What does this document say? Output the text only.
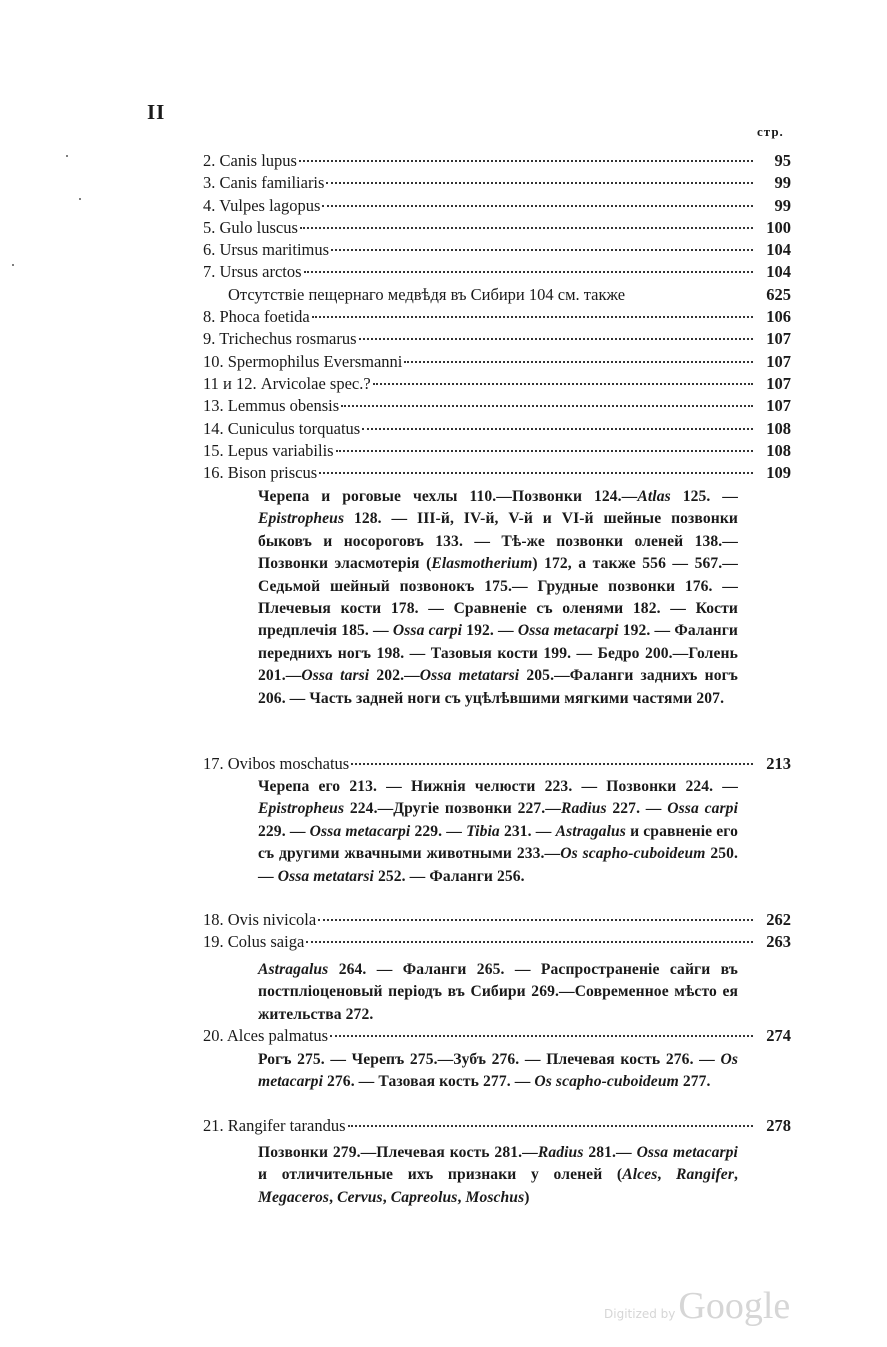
II
стр.
2. Canis lupus	95
3. Canis familiaris	99
4. Vulpes lagopus	99
5. Gulo luscus	100
6. Ursus maritimus	104
7. Ursus arctos	104
Отсутствіе пещернаго медвѣдя въ Сибири 104 см. также	625
8. Phoca foetida	106
9. Trichechus rosmarus	107
10. Spermophilus Eversmanni	107
11 и 12. Arvicolae spec.?	107
13. Lemmus obensis	107
14. Cuniculus torquatus	108
15. Lepus variabilis	108
16. Bison priscus	109
Черепа и роговые чехлы 110.—Позвонки 124.—Atlas 125. — Epistropheus 128. — III-й, IV-й, V-й и VI-й шейные позвонки быковъ и носороговъ 133. — Тѣ-же позвонки оленей 138.—Позвонки эласмотерія (Elasmotherium) 172, а также 556 — 567.—Седьмой шейный позвонокъ 175.— Грудные позвонки 176. — Плечевыя кости 178. — Сравненіе съ оленями 182. — Кости предплечія 185. — Ossa carpi 192. — Ossa metacarpi 192. — Фаланги переднихъ ногъ 198. — Тазовыя кости 199. — Бедро 200.—Голень 201.—Ossa tarsi 202.—Ossa metatarsi 205.—Фаланги заднихъ ногъ 206. — Часть задней ноги съ уцѣлѣвшими мягкими частями 207.
17. Ovibos moschatus	213
Черепа его 213. — Нижнія челюсти 223. — Позвонки 224. — Epistropheus 224.—Другіе позвонки 227.—Radius 227. — Ossa carpi 229. — Ossa metacarpi 229. — Tibia 231. — Astragalus и сравненіе его съ другими жвачными животными 233.—Os scapho-cuboideum 250.— Ossa metatarsi 252. — Фаланги 256.
18. Ovis nivicola	262
19. Colus saiga	263
Astragalus 264. — Фаланги 265. — Распространеніе сайги въ постпліоценовый періодъ въ Сибири 269.—Современное мѣсто ея жительства 272.
20. Alces palmatus	274
Рогъ 275. — Черепъ 275.—Зубъ 276. — Плечевая кость 276. — Os metacarpi 276. — Тазовая кость 277. — Os scapho-cuboideum 277.
21. Rangifer tarandus	278
Позвонки 279.—Плечевая кость 281.—Radius 281.— Ossa metacarpi и отличительные ихъ признаки у оленей (Alces, Rangifer, Megaceros, Cervus, Capreolus, Moschus)
Digitized by Google
